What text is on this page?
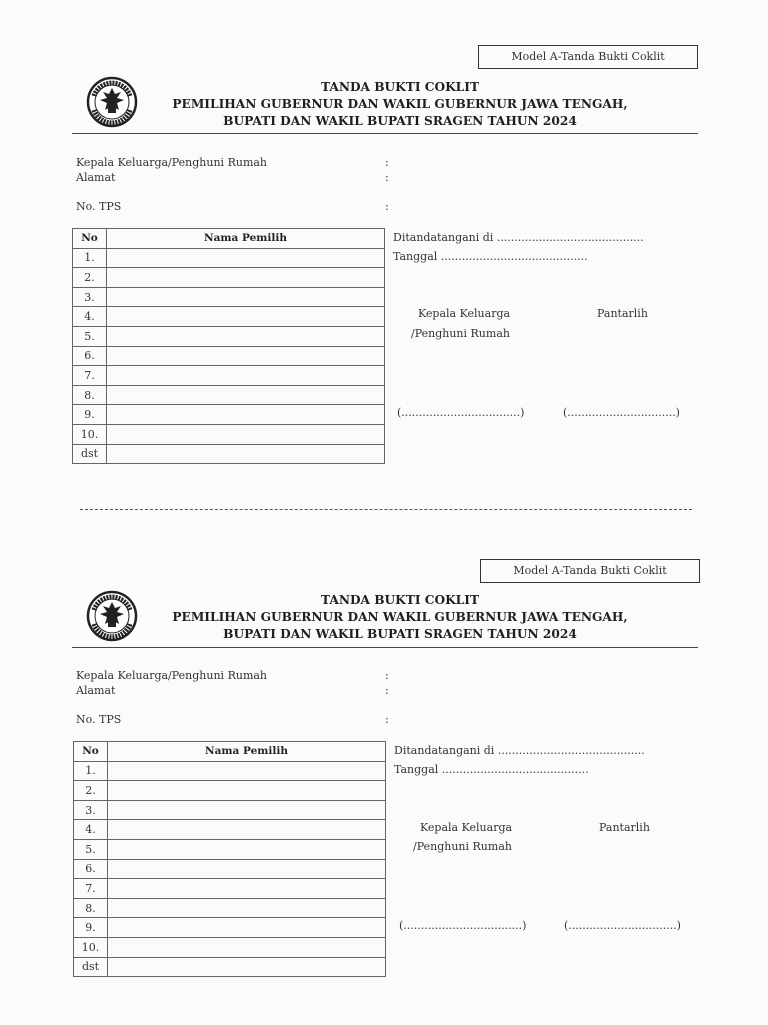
Model A-Tanda Bukti Coklit
TANDA BUKTI COKLIT
PEMILIHAN GUBERNUR DAN WAKIL GUBERNUR JAWA TENGAH,
BUPATI DAN WAKIL BUPATI SRAGEN TAHUN 2024
Kepala Keluarga/Penghuni Rumah	:
Alamat	:
No. TPS	:
No	Nama Pemilih
1.	
2.	
3.	
4.	
5.	
6.	
7.	
8.	
9.	
10.	
dst	
Ditandatangani di ..........................................
Tanggal ..........................................
Kepala Keluarga
/Penghuni Rumah
Pantarlih
(..................................)	(...............................)
Model A-Tanda Bukti Coklit
TANDA BUKTI COKLIT
PEMILIHAN GUBERNUR DAN WAKIL GUBERNUR JAWA TENGAH,
BUPATI DAN WAKIL BUPATI SRAGEN TAHUN 2024
Kepala Keluarga/Penghuni Rumah	:
Alamat	:
No. TPS	:
No	Nama Pemilih
1.	
2.	
3.	
4.	
5.	
6.	
7.	
8.	
9.	
10.	
dst	
Ditandatangani di ..........................................
Tanggal ..........................................
Kepala Keluarga
/Penghuni Rumah
Pantarlih
(..................................)	(...............................)
